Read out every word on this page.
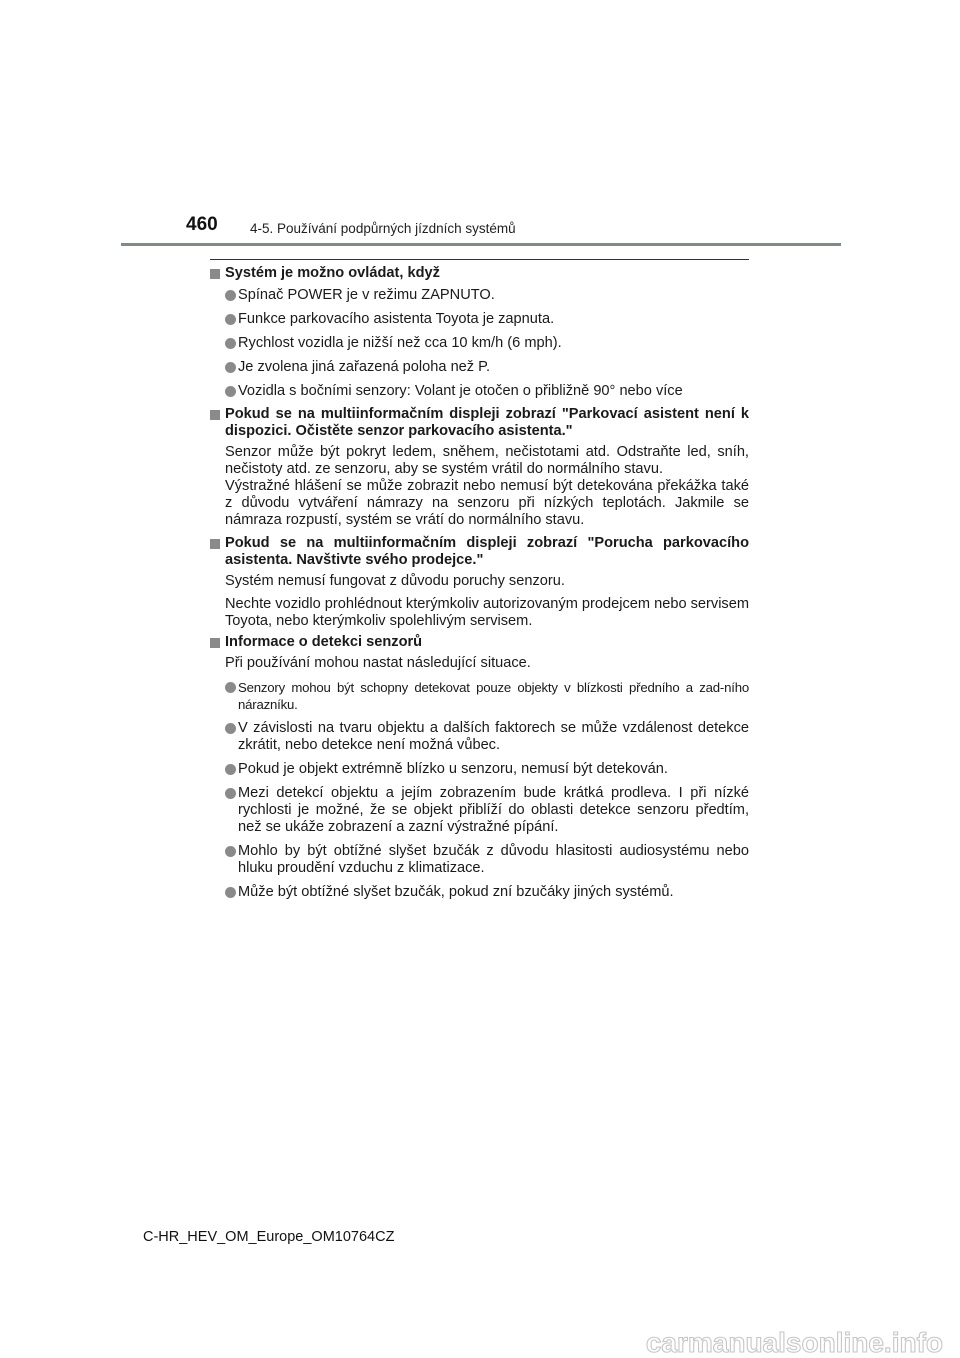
460 4-5. Používání podpůrných jízdních systémů
Systém je možno ovládat, když
Spínač POWER je v režimu ZAPNUTO.
Funkce parkovacího asistenta Toyota je zapnuta.
Rychlost vozidla je nižší než cca 10 km/h (6 mph).
Je zvolena jiná zařazená poloha než P.
Vozidla s bočními senzory: Volant je otočen o přibližně 90° nebo více
Pokud se na multiinformačním displeji zobrazí "Parkovací asistent není k dispozici. Očistěte senzor parkovacího asistenta."
Senzor může být pokryt ledem, sněhem, nečistotami atd. Odstraňte led, sníh, nečistoty atd. ze senzoru, aby se systém vrátil do normálního stavu.
Výstražné hlášení se může zobrazit nebo nemusí být detekována překážka také z důvodu vytváření námrazy na senzoru při nízkých teplotách. Jakmile se námraza rozpustí, systém se vrátí do normálního stavu.
Pokud se na multiinformačním displeji zobrazí "Porucha parkovacího asistenta. Navštivte svého prodejce."
Systém nemusí fungovat z důvodu poruchy senzoru.
Nechte vozidlo prohlédnout kterýmkoliv autorizovaným prodejcem nebo servisem Toyota, nebo kterýmkoliv spolehlivým servisem.
Informace o detekci senzorů
Při používání mohou nastat následující situace.
Senzory mohou být schopny detekovat pouze objekty v blízkosti předního a zad-ního nárazníku.
V závislosti na tvaru objektu a dalších faktorech se může vzdálenost detekce zkrátit, nebo detekce není možná vůbec.
Pokud je objekt extrémně blízko u senzoru, nemusí být detekován.
Mezi detekcí objektu a jejím zobrazením bude krátká prodleva. I při nízké rychlosti je možné, že se objekt přiblíží do oblasti detekce senzoru předtím, než se ukáže zobrazení a zazní výstražné pípání.
Mohlo by být obtížné slyšet bzučák z důvodu hlasitosti audiosystému nebo hluku proudění vzduchu z klimatizace.
Může být obtížné slyšet bzučák, pokud zní bzučáky jiných systémů.
C-HR_HEV_OM_Europe_OM10764CZ
carmanualsonline.info
